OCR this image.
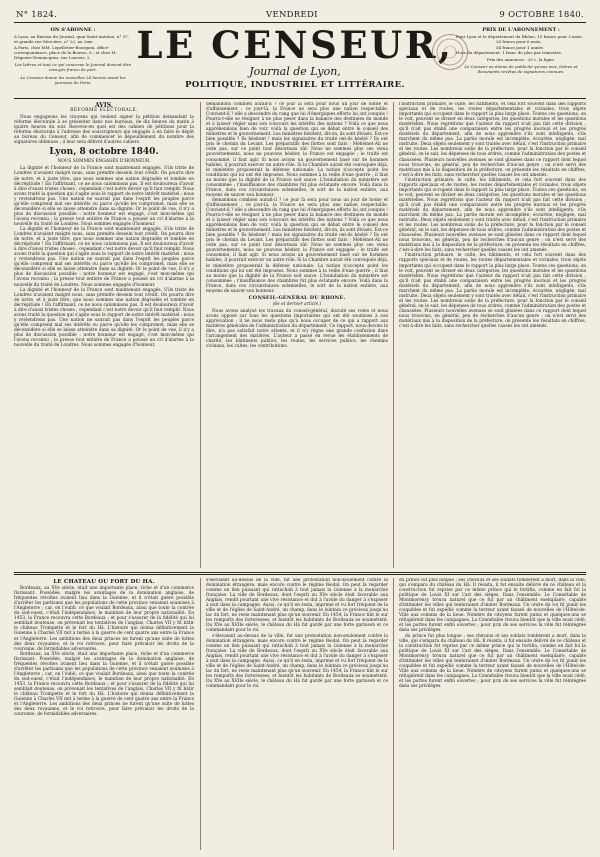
N° 1824.	VENDREDI	9 OCTOBRE 1840.
ON S'ABONNE :
A Lyon, au Bureau du Journal, quai Saint-Antoine, n° 37, et grande rue Mercière, n° 22, au 2me.
A Paris, chez MM. Lepelletier-Bourgoin, office-correspondance, place de la Bourse, 6 ; et chez M. Dégouve-Denuncques, rue Louvois, 2.
Les lettres et tout ce qui concerne le Journal doivent être envoyés franco de port.
Le Censeur donne les nouvelles 24 heures avant les journaux de Paris.
LE CENSEUR,
Journal de Lyon,
POLITIQUE, INDUSTRIEL ET LITTÉRAIRE.
PRIX DE L'ABONNEMENT :
Pour Lyon et le département du Rhône, 15 francs pour 3 mois,
28 francs pour 6 mois,
54 francs pour 1 année.
Hors du département, 1 franc de plus par trimestre.
Prix des annonces : 25 c. la ligne.
Le Censeur ne donne de publicité qu'aux avis, lettres et documents revêtus de signatures connues.
AVIS.
RÉFORME ÉLECTORALE.

Nous engageons les citoyens qui veulent signer la pétition demandant la réforme électorale à se présenter dans nos bureaux, de dix heures du matin à quatre heures du soir. Recevez-en quel est des cahiers de pétitions pour la réforme électorale à l'adresse des souscripteurs qui engagés à en faire le dépôt au bureau du Censeur, afin de commencer le dépouillement du nombre des signatures obtenues ; il leur sera délivré d'autres cahiers.

Lyon, 8 octobre 1840.
NOUS SOMMES ENGAGÉS D'HONNEUR.

La dignité et l'honneur de la France sont maintenant engagés. S'ils triste de Londres n'avaient malgré nous, sans prendre dessein tout crédit. On pourra dire de notre, et à juste titre, que nous sommes une nation dégradée et tombée en décrépitude ! En l'affirmant, ce ne nous calomnions pas. Il est douloureux d'avoir à dire d'aussi tristes choses ; cependant c'est notre devoir qu'il faut remplir. Nous avons traité la question qui s'agite sous le rapport de notre intérêt matériel : nous y reviendrons pas. Une nation ne saurait pas dans l'esprit les peuples parce qu'elle comprend mal ses intérêts ou parce qu'elle les compromet, mais elle se déconsidère si elle se laisse atteindre dans sa dignité. Or le point de vue, il n'y a plus de discussion possible : notre honneur est engagé, c'est mon-même qui l'avons reconnu ; la presse tout entière de France a poussé un cri d'alarme à la nouvelle du traité de Londres. Nous sommes engagés d'honneur.

La dignité et l'honneur de la France sont maintenant engagés. S'ils triste de Londres n'avaient malgré nous, sans prendre dessein tout crédit. On pourra dire de notre, et à juste titre, que nous sommes une nation dégradée et tombée en décrépitude ! En l'affirmant, ce ne nous calomnions pas. Il est douloureux d'avoir à dire d'aussi tristes choses ; cependant c'est notre devoir qu'il faut remplir. Nous avons traité la question qui s'agite sous le rapport de notre intérêt matériel : nous y reviendrons pas. Une nation ne saurait pas dans l'esprit les peuples parce qu'elle comprend mal ses intérêts ou parce qu'elle les compromet, mais elle se déconsidère si elle se laisse atteindre dans sa dignité. Or le point de vue, il n'y a plus de discussion possible : notre honneur est engagé, c'est mon-même qui l'avons reconnu ; la presse tout entière de France a poussé un cri d'alarme à la nouvelle du traité de Londres. Nous sommes engagés d'honneur.

La dignité et l'honneur de la France sont maintenant engagés. S'ils triste de Londres n'avaient malgré nous, sans prendre dessein tout crédit. On pourra dire de notre, et à juste titre, que nous sommes une nation dégradée et tombée en décrépitude ! En l'affirmant, ce ne nous calomnions pas. Il est douloureux d'avoir à dire d'aussi tristes choses ; cependant c'est notre devoir qu'il faut remplir. Nous avons traité la question qui s'agite sous le rapport de notre intérêt matériel : nous y reviendrons pas. Une nation ne saurait pas dans l'esprit les peuples parce qu'elle comprend mal ses intérêts ou parce qu'elle les compromet, mais elle se déconsidère si elle se laisse atteindre dans sa dignité. Or le point de vue, il n'y a plus de discussion possible : notre honneur est engagé, c'est mon-même qui l'avons reconnu ; la presse tout entière de France a poussé un cri d'alarme à la nouvelle du traité de Londres. Nous sommes engagés d'honneur.

demandons combien aurait-il ? ce jour là sera pour nous un jour de honte et d'affaissement ; ce jour-là, la France ne sera plus une nation respectable. Convient-il ? elle a descendre du rang que lui d'énergiques efforts lui ont conquis ! Pourra-t-elle se résigner à ne plus peser dans la balance des destinées du monde et à laisser régler sans son concours les intérêts des nations ? Voilà ce que nous appréhendons bien de voir, voilà la question qui se débat entre le conseil des ministres et le gouvernement. Les ministres hésitent, dit-on, ils sont divisés. Est-ce bien possible ? Ils hésitent ! mais les signataires du traité ont-ils hésité ? Ils ont pris le chemin du Levant. Les préparatifs des flottes sont faits ; Méhémet-Ali ne cède pas, sur ce point tout désormais sûr. Nous ne sommes plus ces vieux gouvernements, nous ne pouvons hésiter, la France est engagée ; le traité est consommé, il faut agir. Si nous avions un gouvernement basé sur de hommes habiles, il pourrait exercer un autre rôle. Si la Chambre aurait été convoquée déjà, le ministère proposerait la défense nationale. La nation n'accepte point les conditions qui lui ont été imposées. Nous sommes à la veille d'une guerre ; il faut au moins que la dignité de la France soit sauve. L'humiliation du ministère est consommée ; l'insuffisance des chambres fut plus éclatante encore. Voilà dans la France, dans ces circonstances solennelles, le sort de la nation entière, aux moyens de sauver son honneur.

demandons combien aurait-il ? ce jour là sera pour nous un jour de honte et d'affaissement ; ce jour-là, la France ne sera plus une nation respectable. Convient-il ? elle a descendre du rang que lui d'énergiques efforts lui ont conquis ! Pourra-t-elle se résigner à ne plus peser dans la balance des destinées du monde et à laisser régler sans son concours les intérêts des nations ? Voilà ce que nous appréhendons bien de voir, voilà la question qui se débat entre le conseil des ministres et le gouvernement. Les ministres hésitent, dit-on, ils sont divisés. Est-ce bien possible ? Ils hésitent ! mais les signataires du traité ont-ils hésité ? Ils ont pris le chemin du Levant. Les préparatifs des flottes sont faits ; Méhémet-Ali ne cède pas, sur ce point tout désormais sûr. Nous ne sommes plus ces vieux gouvernements, nous ne pouvons hésiter, la France est engagée ; le traité est consommé, il faut agir. Si nous avions un gouvernement basé sur de hommes habiles, il pourrait exercer un autre rôle. Si la Chambre aurait été convoquée déjà, le ministère proposerait la défense nationale. La nation n'accepte point les conditions qui lui ont été imposées. Nous sommes à la veille d'une guerre ; il faut au moins que la dignité de la France soit sauve. L'humiliation du ministère est consommée ; l'insuffisance des chambres fut plus éclatante encore. Voilà dans la France, dans ces circonstances solennelles, le sort de la nation entière, aux moyens de sauver son honneur.

CONSEIL-GÉNÉRAL DU RHONE.
(6e et dernier article.)

Nous avons analysé les travaux du conseil-général, discuté ses votes et nous avons opposé sur tous les questions importantes qui ont été soumises à son appréciation ; il ne nous reste plus qu'à nous occuper de ce qui a rapport aux matières générales de l'administration du département. Ce rapport, nous devons le dire, n'a pas satisfait notre attente, et il n'y règne une grande confusion dans l'arrangement des matières. L'auteur a passé en revue les établissements de charité, les bâtiments publics, les routes, les services publics, les chemins vicinaux, les cultes, les contributions.

l'instruction primaire, le culte, les bâtiments, et cela fort souvent dans des rapports spéciaux et de routes, les routes départementales et vicinales, trois objets importants qui occupent dans le rapport la plus large place. Toutes ces questions, on le voit, peuvent se diviser en deux catégories, les questions morales et les questions matérielles. Nous regrettons que l'auteur du rapport n'ait pas fait cette division ; qu'il n'ait pas établi une comparaison entre les progrès moraux et les progrès matériels du département, afin de nous apprendre s'ils sont intelligents, s'ils marchent du même pas. La partie morale est incomplète, écourtée, négligée, mal instruite. Deux objets seulement y sont traités avec détail, c'est l'instruction primaire et les routes. Les nombreux soins de la préfecture, pour la fonction par le conseil général, on le sait, les dépenses de tous ordres, comme l'administration des postes et chaussées. Plusieurs nouvelles avenues se sont glissées dans ce rapport dont lequel nous trouvons, en général, peu de recherches d'aucun genre ; on n'est servi des matériaux mis à la disposition de la préfecture, on présente les résultats en chiffres, c'est-à-dire les faits, sans rechercher quelles causes les ont amenés.

l'instruction primaire, le culte, les bâtiments, et cela fort souvent dans des rapports spéciaux et de routes, les routes départementales et vicinales, trois objets importants qui occupent dans le rapport la plus large place. Toutes ces questions, on le voit, peuvent se diviser en deux catégories, les questions morales et les questions matérielles. Nous regrettons que l'auteur du rapport n'ait pas fait cette division ; qu'il n'ait pas établi une comparaison entre les progrès moraux et les progrès matériels du département, afin de nous apprendre s'ils sont intelligents, s'ils marchent du même pas. La partie morale est incomplète, écourtée, négligée, mal instruite. Deux objets seulement y sont traités avec détail, c'est l'instruction primaire et les routes. Les nombreux soins de la préfecture, pour la fonction par le conseil général, on le sait, les dépenses de tous ordres, comme l'administration des postes et chaussées. Plusieurs nouvelles avenues se sont glissées dans ce rapport dont lequel nous trouvons, en général, peu de recherches d'aucun genre ; on n'est servi des matériaux mis à la disposition de la préfecture, on présente les résultats en chiffres, c'est-à-dire les faits, sans rechercher quelles causes les ont amenés.

l'instruction primaire, le culte, les bâtiments, et cela fort souvent dans des rapports spéciaux et de routes, les routes départementales et vicinales, trois objets importants qui occupent dans le rapport la plus large place. Toutes ces questions, on le voit, peuvent se diviser en deux catégories, les questions morales et les questions matérielles. Nous regrettons que l'auteur du rapport n'ait pas fait cette division ; qu'il n'ait pas établi une comparaison entre les progrès moraux et les progrès matériels du département, afin de nous apprendre s'ils sont intelligents, s'ils marchent du même pas. La partie morale est incomplète, écourtée, négligée, mal instruite. Deux objets seulement y sont traités avec détail, c'est l'instruction primaire et les routes. Les nombreux soins de la préfecture, pour la fonction par le conseil général, on le sait, les dépenses de tous ordres, comme l'administration des postes et chaussées. Plusieurs nouvelles avenues se sont glissées dans ce rapport dont lequel nous trouvons, en général, peu de recherches d'aucun genre ; on n'est servi des matériaux mis à la disposition de la préfecture, on présente les résultats en chiffres, c'est-à-dire les faits, sans rechercher quelles causes les ont amenés.

LE CHATEAU OU FORT DU HA.

Bordeaux, au XVe siècle, était une importante place, riche et d'un commerce florissant. Possédée, malgré les avantages de la domination anglaise, de fréquentes révoltes avaient lieu dans la Guienne, et il n'était guère possible d'arrêter les partisans que les populations de cette province venaient soumises à l'Angleterre ; car, on l'oubli, ce que voulait Bordeaux, ainsi que toute la contrée du sud-ouest, c'était l'indépendance, le maintien de leur propre nationalité. En 1453, la France recouvra cette Bordeaux ; et pour s'assurer de la fidélité qui lui semblait douteuse, on prévenait les tentatives de l'anglais, Charles VII y fit bâtir le château Trompette et le fort du Hâ. L'histoire qui donna définitivement la Guienne à Charles VII mit à terme à la guerre de cent quatre ans entre la France et l'Angleterre. Les ambitions des deux princes ne furent qu'une suite de luttes des deux royaumes, et le roi retrouve, pour faire prévaloir les droits de la couronne, de formidables adversaires.

Bordeaux, au XVe siècle, était une importante place, riche et d'un commerce florissant. Possédée, malgré les avantages de la domination anglaise, de fréquentes révoltes avaient lieu dans la Guienne, et il n'était guère possible d'arrêter les partisans que les populations de cette province venaient soumises à l'Angleterre ; car, on l'oubli, ce que voulait Bordeaux, ainsi que toute la contrée du sud-ouest, c'était l'indépendance, le maintien de leur propre nationalité. En 1453, la France recouvra cette Bordeaux ; et pour s'assurer de la fidélité qui lui semblait douteuse, on prévenait les tentatives de l'anglais, Charles VII y fit bâtir le château Trompette et le fort du Hâ. L'histoire qui donna définitivement la Guienne à Charles VII mit à terme à la guerre de cent quatre ans entre la France et l'Angleterre. Les ambitions des deux princes ne furent qu'une suite de luttes des deux royaumes, et le roi retrouve, pour faire prévaloir les droits de la couronne, de formidables adversaires.

s'élevaient au-dessus de la ville, fut une protestation non-seulement contre la domination étrangère, mais encore contre le régime féodal. On peut la regarder comme un lien puissant qui rattachait à tout jamais la Guienne à la monarchie française. La ville de Bordeaux, dont l'esprit au XVe siècle était favorable aux Anglais, rendit pourtant une vive résistance et dut à l'avide du danger à s'exposer à nuit dans la campagne. Aussi, ce qu'il en resta, imprimé et vu fort fréquent de la ville et de l'église de Saint-André, un champ, dans le lointain ce précieux jusqu'au lac du fort, ne reste maintenant plus qu'un souvenir. En 1454, la France tint le sur les remparts des forteresses, et bientôt les habitants de Bordeaux se soumettent. Du XVe au XVIIe siècle, le château du Hâ fut gardé par une forte garnison et ce commandant pour le roi.

s'élevaient au-dessus de la ville, fut une protestation non-seulement contre la domination étrangère, mais encore contre le régime féodal. On peut la regarder comme un lien puissant qui rattachait à tout jamais la Guienne à la monarchie française. La ville de Bordeaux, dont l'esprit au XVe siècle était favorable aux Anglais, rendit pourtant une vive résistance et dut à l'avide du danger à s'exposer à nuit dans la campagne. Aussi, ce qu'il en resta, imprimé et vu fort fréquent de la ville et de l'église de Saint-André, un champ, dans le lointain ce précieux jusqu'au lac du fort, ne reste maintenant plus qu'un souvenir. En 1454, la France tint le sur les remparts des forteresses, et bientôt les habitants de Bordeaux se soumettent. Du XVe au XVIIe siècle, le château du Hâ fut gardé par une forte garnison et ce commandant pour le roi.

du prince fut plus longue ; ses chevaux et ses soldats tombèrent a mort, dans la ville, qui s'empara du château du Hâ. Il résista, il fut ensuite délivré de ce château et la construction fut reprise par ce même prince qui le fortifia, comme en fait foi la politique de Louis XI sur l'art des sièges. Dans l'ensemble. Le Connétable de Montmorency trouva naturel que ce fut par un châtiment exemplaire, capable d'intimider les villes qui tenteraient d'imiter Bordeaux. Un ordre du roi fit punir les coupables et fut expédié comme la terreur ayant faussé de nouvelles de l'Hôtel-de-Ville aux commis de la lieue. Nombre de citoyens furent punis et quelques-uns se réfugièrent dans les campagnes. La Connétable trouva bientôt que la ville avait cédé, et les portes furent enfin ouvertes ; pour prix de ses services la ville fut réintégrée dans ses privilèges.

du prince fut plus longue ; ses chevaux et ses soldats tombèrent a mort, dans la ville, qui s'empara du château du Hâ. Il résista, il fut ensuite délivré de ce château et la construction fut reprise par ce même prince qui le fortifia, comme en fait foi la politique de Louis XI sur l'art des sièges. Dans l'ensemble. Le Connétable de Montmorency trouva naturel que ce fut par un châtiment exemplaire, capable d'intimider les villes qui tenteraient d'imiter Bordeaux. Un ordre du roi fit punir les coupables et fut expédié comme la terreur ayant faussé de nouvelles de l'Hôtel-de-Ville aux commis de la lieue. Nombre de citoyens furent punis et quelques-uns se réfugièrent dans les campagnes. La Connétable trouva bientôt que la ville avait cédé, et les portes furent enfin ouvertes ; pour prix de ses services la ville fut réintégrée dans ses privilèges.
